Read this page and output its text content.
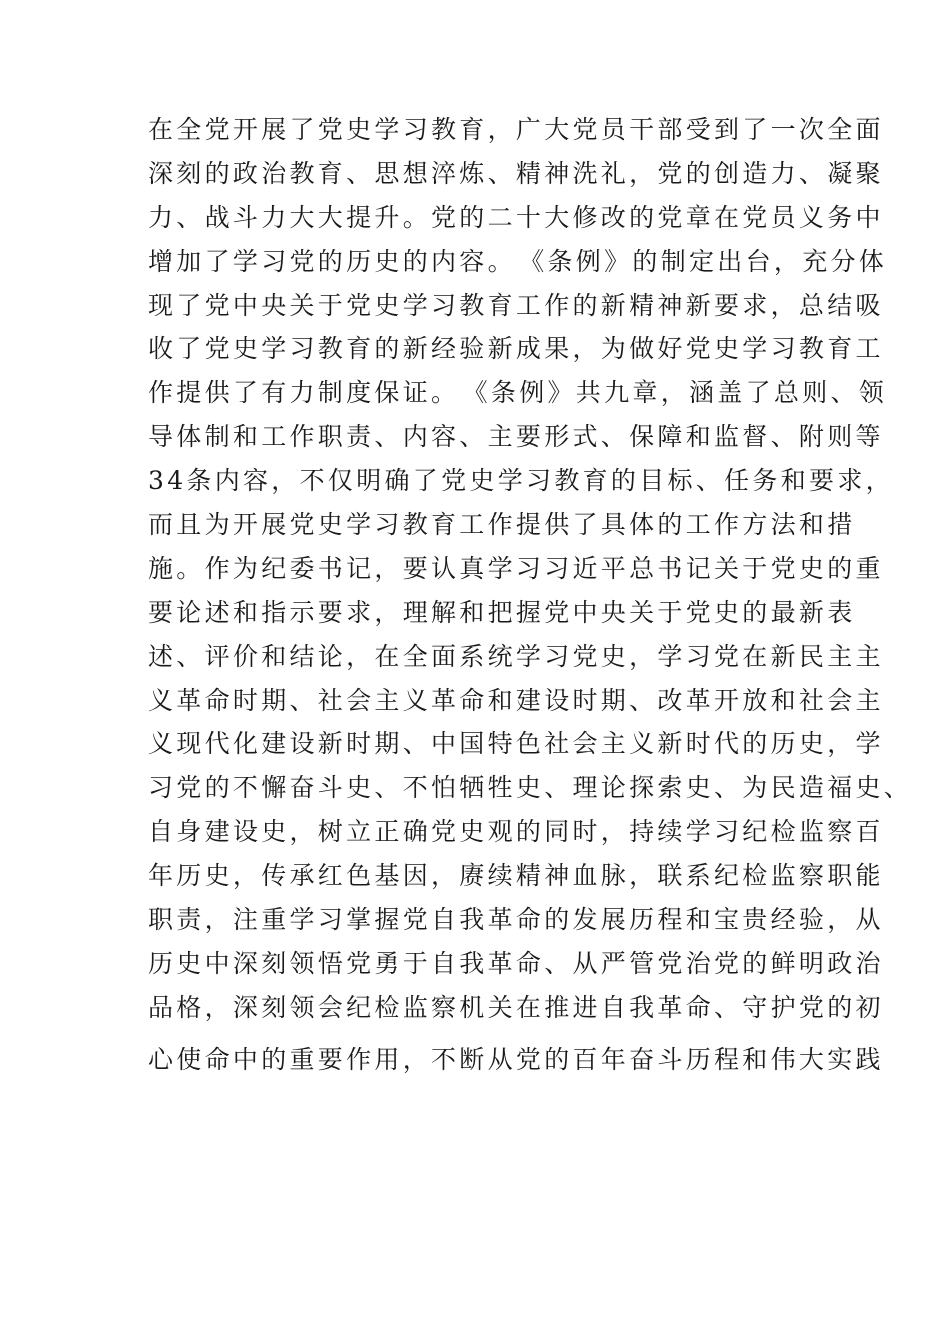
在全党开展了党史学习教育，广大党员干部受到了一次全面
深刻的政治教育、思想淬炼、精神洗礼，党的创造力、凝聚
力、战斗力大大提升。党的二十大修改的党章在党员义务中
增加了学习党的历史的内容。　《条例》的制定出台，充分体
现了党中央关于党史学习教育工作的新精神新要求，总结吸
收了党史学习教育的新经验新成果，为做好党史学习教育工
作提供了有力制度保证。　《条例》共九章，涵盖了总则、领
导体制和工作职责、内容、主要形式、保障和监督、附则等
34条内容，不仅明确了党史学习教育的目标、任务和要求，
而且为开展党史学习教育工作提供了具体的工作方法和措
施。作为纪委书记，要认真学习习近平总书记关于党史的重
要论述和指示要求，理解和把握党中央关于党史的最新表
述、评价和结论，在全面系统学习党史，学习党在新民主主
义革命时期、社会主义革命和建设时期、改革开放和社会主
义现代化建设新时期、中国特色社会主义新时代的历史，学
习党的不懈奋斗史、不怕牺牲史、理论探索史、为民造福史、
自身建设史，树立正确党史观的同时，持续学习纪检监察百
年历史，传承红色基因，赓续精神血脉，联系纪检监察职能
职责，注重学习掌握党自我革命的发展历程和宝贵经验，从
历史中深刻领悟党勇于自我革命、从严管党治党的鲜明政治
品格，深刻领会纪检监察机关在推进自我革命、守护党的初
心使命中的重要作用，不断从党的百年奋斗历程和伟大实践
